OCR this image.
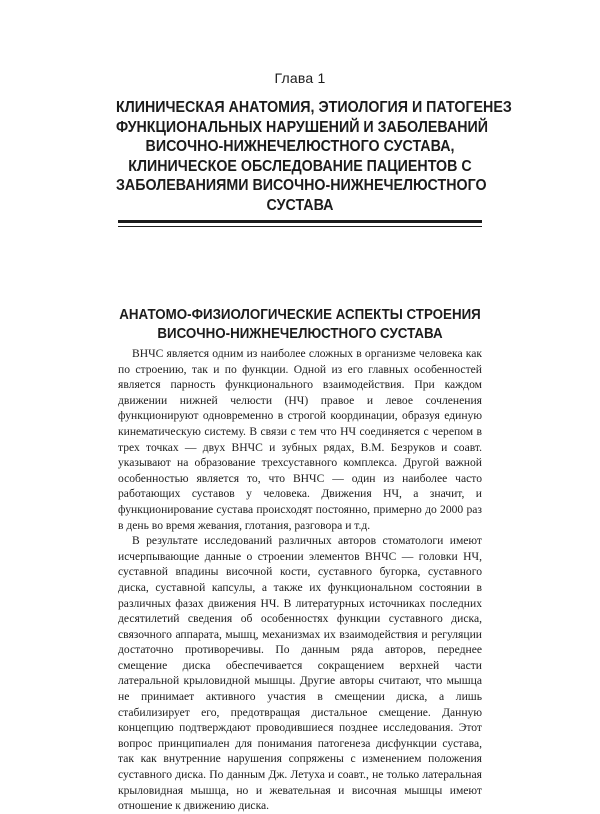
Глава 1
КЛИНИЧЕСКАЯ АНАТОМИЯ, ЭТИОЛОГИЯ И ПАТОГЕНЕЗ
ФУНКЦИОНАЛЬНЫХ НАРУШЕНИЙ И ЗАБОЛЕВАНИЙ
ВИСОЧНО-НИЖНЕЧЕЛЮСТНОГО СУСТАВА,
КЛИНИЧЕСКОЕ ОБСЛЕДОВАНИЕ ПАЦИЕНТОВ С
ЗАБОЛЕВАНИЯМИ ВИСОЧНО-НИЖНЕЧЕЛЮСТНОГО
СУСТАВА
АНАТОМО-ФИЗИОЛОГИЧЕСКИЕ АСПЕКТЫ СТРОЕНИЯ
ВИСОЧНО-НИЖНЕЧЕЛЮСТНОГО СУСТАВА

ВНЧС является одним из наиболее сложных в организме человека как по строению, так и по функции. Одной из его главных особенностей является парность функционального взаимодействия. При каждом движении нижней челюсти (НЧ) правое и левое сочленения функционируют одновременно в строгой координации, образуя единую кинематическую систему. В связи с тем что НЧ соединяется с черепом в трех точках — двух ВНЧС и зубных рядах, В.М. Безруков и соавт. указывают на образование трехсуставного комплекса. Другой важной особенностью является то, что ВНЧС — один из наиболее часто работающих суставов у человека. Движения НЧ, а значит, и функционирование сустава происходят постоянно, примерно до 2000 раз в день во время жевания, глотания, разговора и т.д.

В результате исследований различных авторов стоматологи имеют исчерпывающие данные о строении элементов ВНЧС — головки НЧ, суставной впадины височной кости, суставного бугорка, суставного диска, суставной капсулы, а также их функциональном состоянии в различных фазах движения НЧ. В литературных источниках последних десятилетий сведения об особенностях функции суставного диска, связочного аппарата, мышц, механизмах их взаимодействия и регуляции достаточно противоречивы. По данным ряда авторов, переднее смещение диска обеспечивается сокращением верхней части латеральной крыловидной мышцы. Другие авторы считают, что мышца не принимает активного участия в смещении диска, а лишь стабилизирует его, предотвращая дистальное смещение. Данную концепцию подтверждают проводившиеся позднее исследования. Этот вопрос принципиален для понимания патогенеза дисфункции сустава, так как внутренние нарушения сопряжены с изменением положения суставного диска. По данным Дж. Летуха и соавт., не только латеральная крыловидная мышца, но и жевательная и височная мышцы имеют отношение к движению диска.
